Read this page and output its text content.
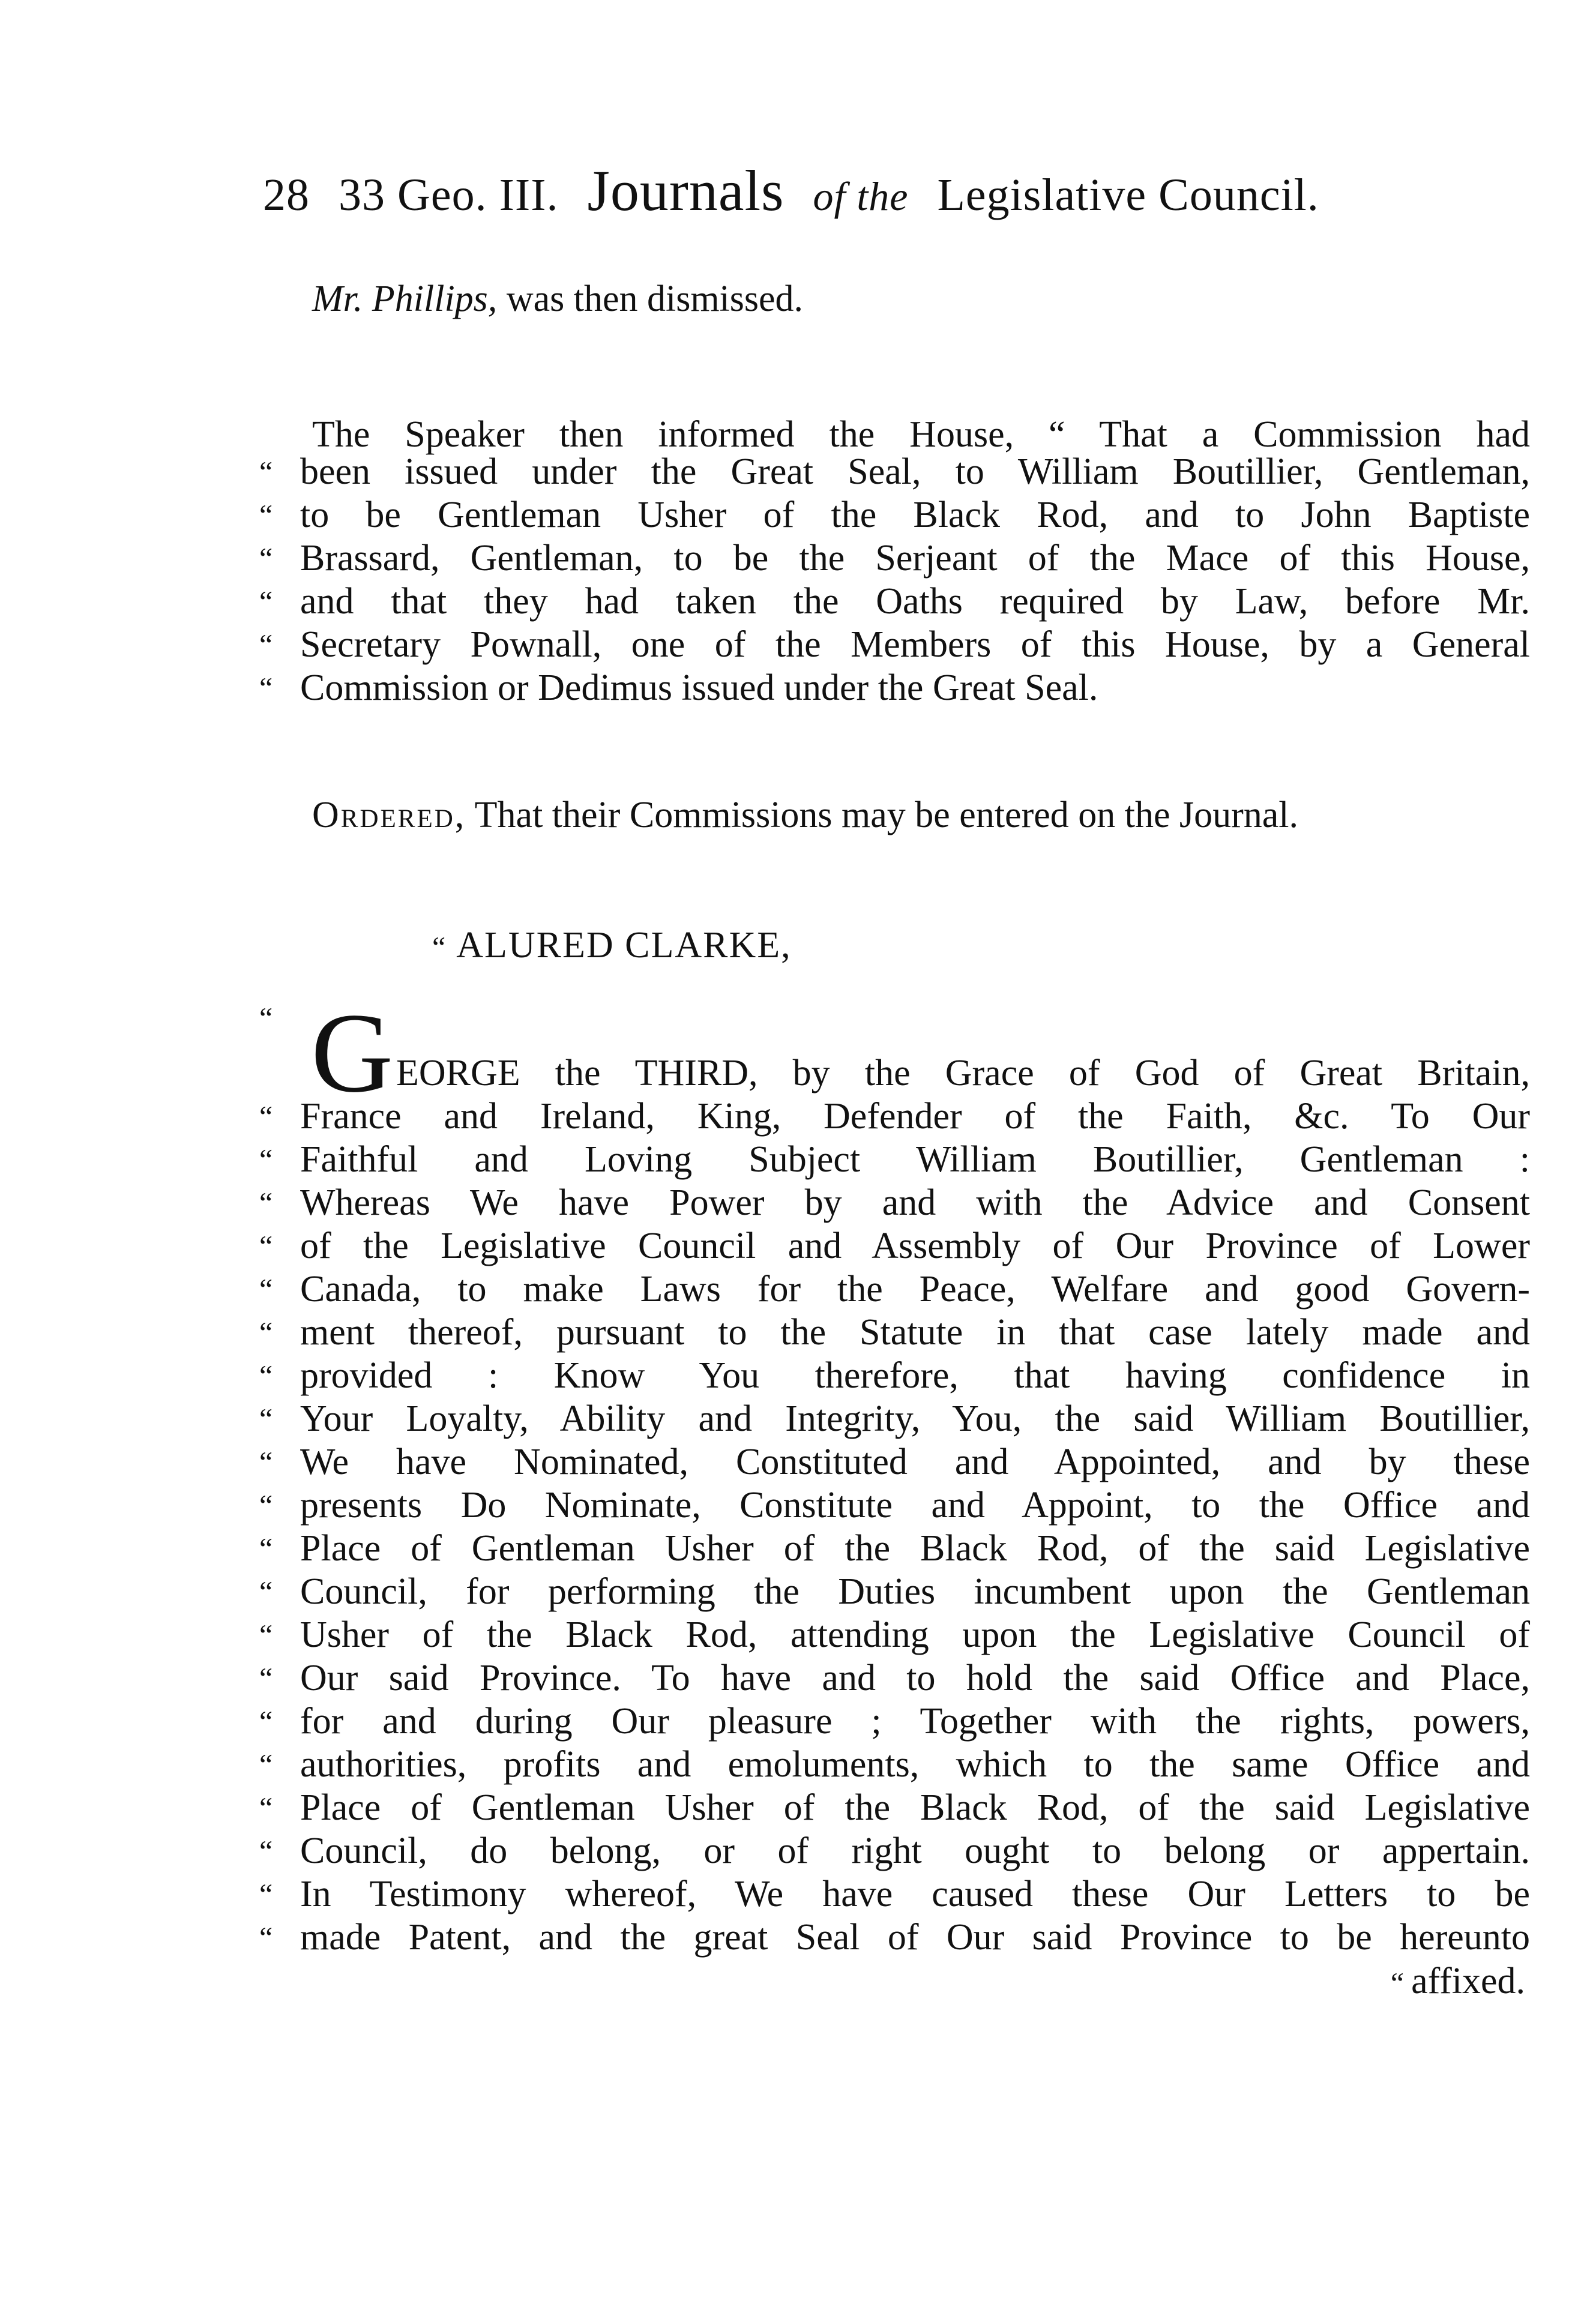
28 33 Geo. III. Journals of the Legislative Council.
Mr. Phillips, was then dismissed.
The Speaker then informed the House, “ That a Commission had
“ been issued under the Great Seal, to William Boutillier, Gentleman,
“ to be Gentleman Usher of the Black Rod, and to John Baptiste
“ Brassard, Gentleman, to be the Serjeant of the Mace of this House,
“ and that they had taken the Oaths required by Law, before Mr.
“ Secretary Pownall, one of the Members of this House, by a General
“ Commission or Dedimus issued under the Great Seal.
Ordered, That their Commissions may be entered on the Journal.
“ ALURED CLARKE,
“ G EORGE the THIRD, by the Grace of God of Great Britain,
“ France and Ireland, King, Defender of the Faith, &c. To Our
“ Faithful and Loving Subject William Boutillier, Gentleman :
“ Whereas We have Power by and with the Advice and Consent
“ of the Legislative Council and Assembly of Our Province of Lower
“ Canada, to make Laws for the Peace, Welfare and good Govern-
“ ment thereof, pursuant to the Statute in that case lately made and
“ provided : Know You therefore, that having confidence in
“ Your Loyalty, Ability and Integrity, You, the said William Boutillier,
“ We have Nominated, Constituted and Appointed, and by these
“ presents Do Nominate, Constitute and Appoint, to the Office and
“ Place of Gentleman Usher of the Black Rod, of the said Legislative
“ Council, for performing the Duties incumbent upon the Gentleman
“ Usher of the Black Rod, attending upon the Legislative Council of
“ Our said Province. To have and to hold the said Office and Place,
“ for and during Our pleasure ; Together with the rights, powers,
“ authorities, profits and emoluments, which to the same Office and
“ Place of Gentleman Usher of the Black Rod, of the said Legislative
“ Council, do belong, or of right ought to belong or appertain.
“ In Testimony whereof, We have caused these Our Letters to be
“ made Patent, and the great Seal of Our said Province to be hereunto
“ affixed.
